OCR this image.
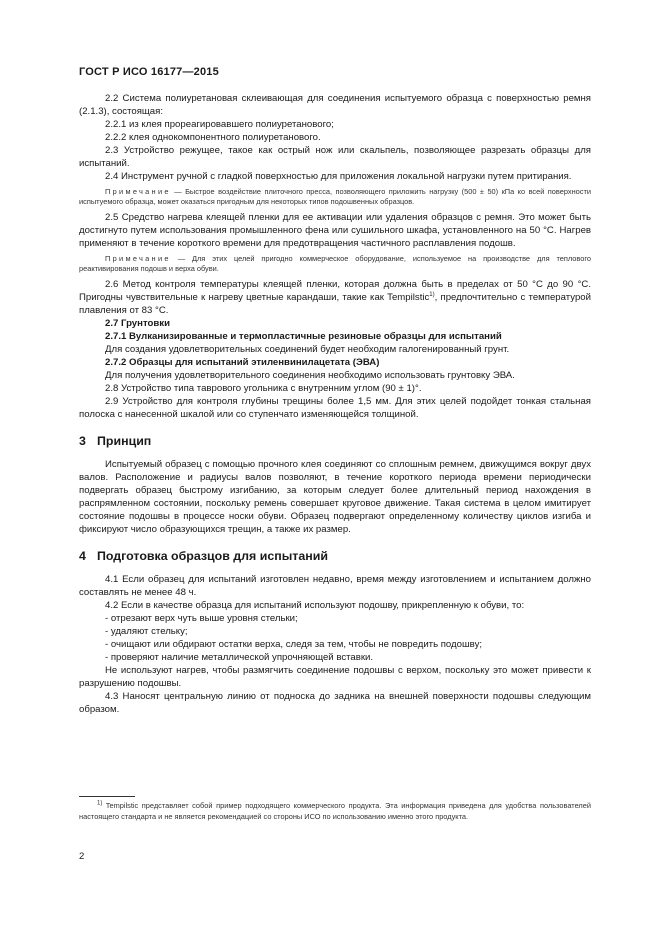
ГОСТ Р ИСО 16177—2015

2.2 Система полиуретановая склеивающая для соединения испытуемого образца с поверхностью ремня (2.1.3), состоящая:

2.2.1 из клея прореагировавшего полиуретанового;

2.2.2 клея однокомпонентного полиуретанового.

2.3 Устройство режущее, такое как острый нож или скальпель, позволяющее разрезать образцы для испытаний.

2.4 Инструмент ручной с гладкой поверхностью для приложения локальной нагрузки путем притирания.

Примечание — Быстрое воздействие плиточного пресса, позволяющего приложить нагрузку (500 ± 50) кПа ко всей поверхности испытуемого образца, может оказаться пригодным для некоторых типов подошвенных образцов.

2.5 Средство нагрева клеящей пленки для ее активации или удаления образцов с ремня. Это может быть достигнуто путем использования промышленного фена или сушильного шкафа, установленного на 50 °С. Нагрев применяют в течение короткого времени для предотвращения частичного расплавления подошв.

Примечание — Для этих целей пригодно коммерческое оборудование, используемое на производстве для теплового реактивирования подошв и верха обуви.

2.6 Метод контроля температуры клеящей пленки, которая должна быть в пределах от 50 °С до 90 °С. Пригодны чувствительные к нагреву цветные карандаши, такие как Tempilstic$^{1)}$, предпочтительно с температурой плавления от 83 °С.

2.7 Грунтовки

2.7.1 Вулканизированные и термопластичные резиновые образцы для испытаний

Для создания удовлетворительных соединений будет необходим галогенированный грунт.

2.7.2 Образцы для испытаний этиленвинилацетата (ЭВА)

Для получения удовлетворительного соединения необходимо использовать грунтовку ЭВА.

2.8 Устройство типа таврового угольника с внутренним углом (90 ± 1)°.

2.9 Устройство для контроля глубины трещины более 1,5 мм. Для этих целей подойдет тонкая стальная полоска с нанесенной шкалой или со ступенчато изменяющейся толщиной.

3 Принцип

Испытуемый образец с помощью прочного клея соединяют со сплошным ремнем, движущимся вокруг двух валов. Расположение и радиусы валов позволяют, в течение короткого периода времени периодически подвергать образец быстрому изгибанию, за которым следует более длительный период нахождения в распрямленном состоянии, поскольку ремень совершает круговое движение. Такая система в целом имитирует состояние подошвы в процессе носки обуви. Образец подвергают определенному количеству циклов изгиба и фиксируют число образующихся трещин, а также их размер.

4 Подготовка образцов для испытаний

4.1 Если образец для испытаний изготовлен недавно, время между изготовлением и испытанием должно составлять не менее 48 ч.

4.2 Если в качестве образца для испытаний используют подошву, прикрепленную к обуви, то:

- отрезают верх чуть выше уровня стельки;

- удаляют стельку;

- очищают или обдирают остатки верха, следя за тем, чтобы не повредить подошву;

- проверяют наличие металлической упрочняющей вставки.

Не используют нагрев, чтобы размягчить соединение подошвы с верхом, поскольку это может привести к разрушению подошвы.

4.3 Наносят центральную линию от подноска до задника на внешней поверхности подошвы следующим образом.

$^{1)}$ Tempilstic представляет собой пример подходящего коммерческого продукта. Эта информация приведена для удобства пользователей настоящего стандарта и не является рекомендацией со стороны ИСО по использованию именно этого продукта.
2
